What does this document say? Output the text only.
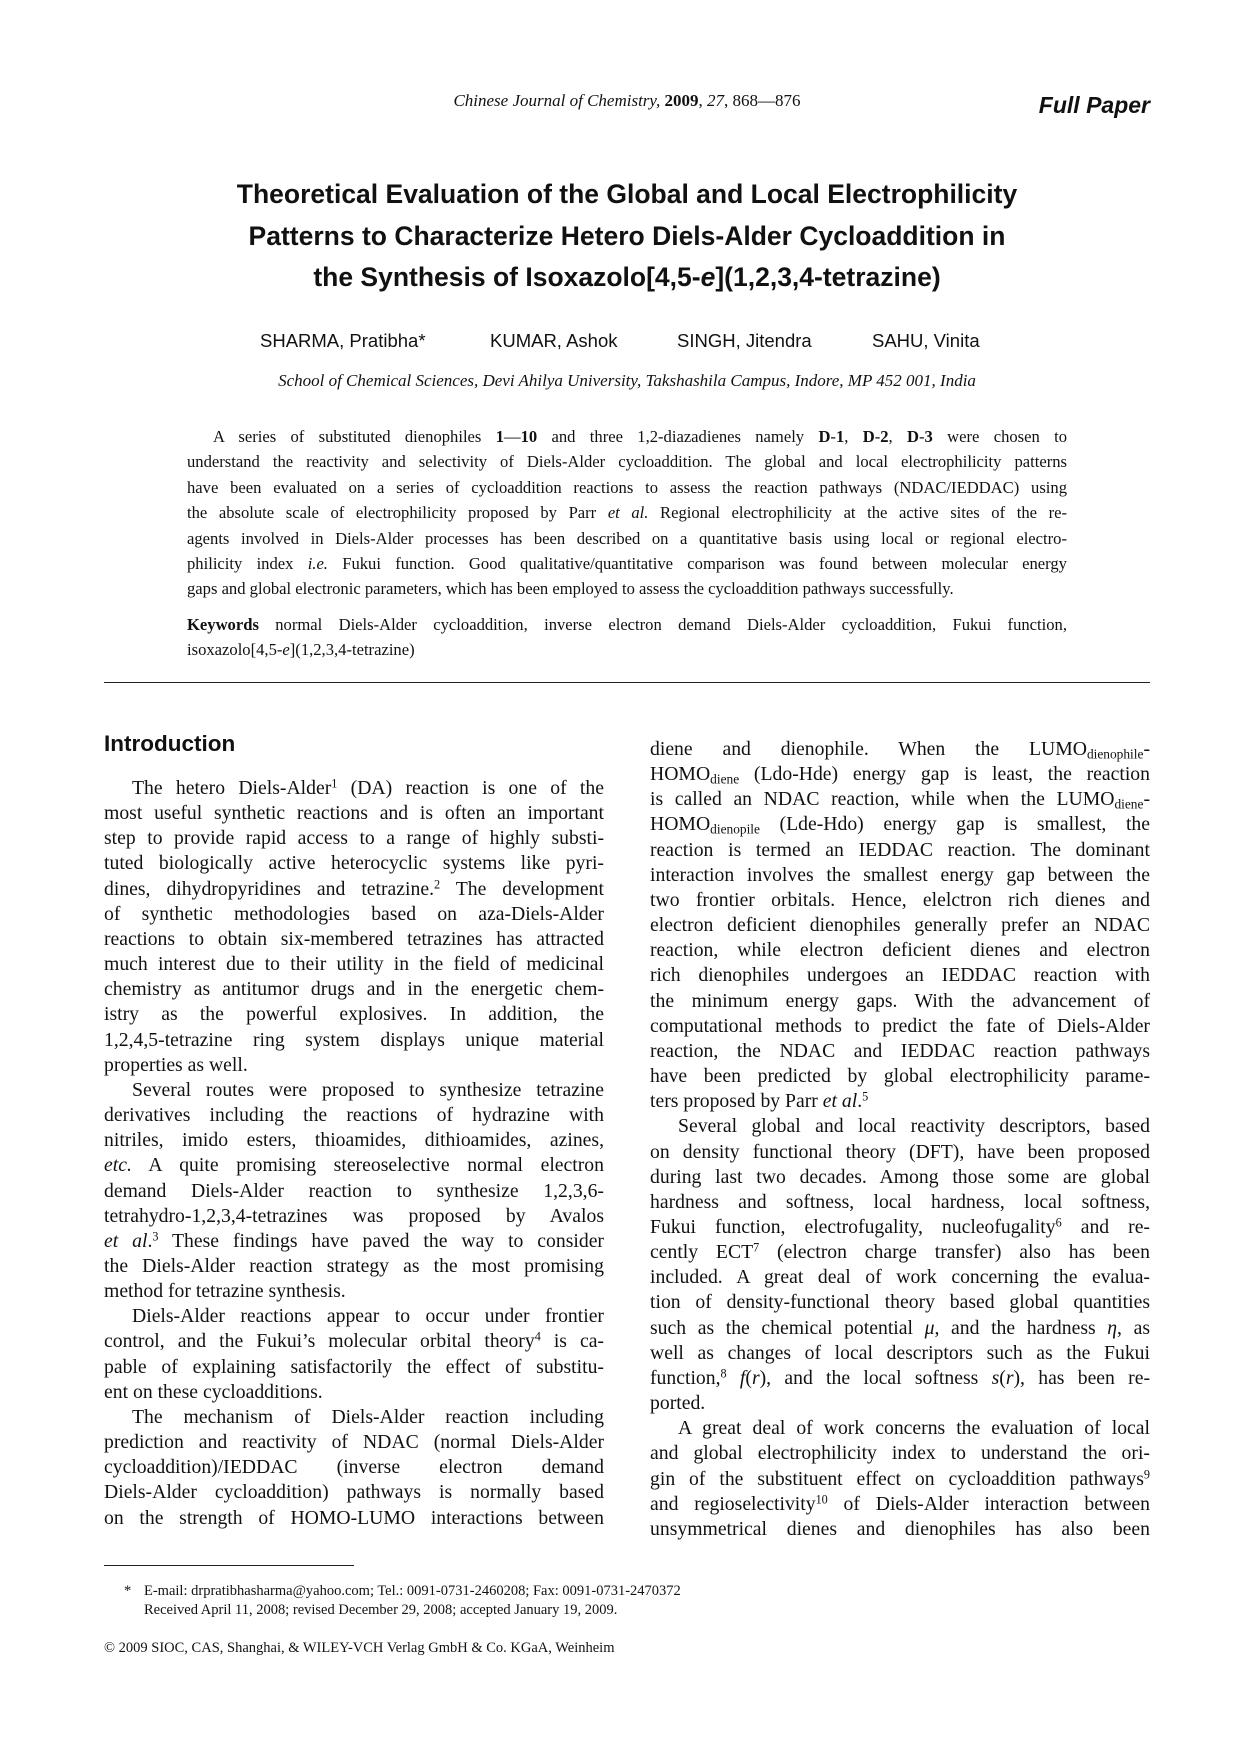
Chinese Journal of Chemistry, 2009, 27, 868—876	Full Paper
Theoretical Evaluation of the Global and Local Electrophilicity
Patterns to Characterize Hetero Diels-Alder Cycloaddition in
the Synthesis of Isoxazolo[4,5-e](1,2,3,4-tetrazine)
SHARMA, Pratibha*	KUMAR, Ashok	SINGH, Jitendra	SAHU, Vinita
School of Chemical Sciences, Devi Ahilya University, Takshashila Campus, Indore, MP 452 001, India
A series of substituted dienophiles 1—10 and three 1,2-diazadienes namely D-1, D-2, D-3 were chosen to
understand the reactivity and selectivity of Diels-Alder cycloaddition. The global and local electrophilicity patterns
have been evaluated on a series of cycloaddition reactions to assess the reaction pathways (NDAC/IEDDAC) using
the absolute scale of electrophilicity proposed by Parr et al. Regional electrophilicity at the active sites of the re-
agents involved in Diels-Alder processes has been described on a quantitative basis using local or regional electro-
philicity index i.e. Fukui function. Good qualitative/quantitative comparison was found between molecular energy
gaps and global electronic parameters, which has been employed to assess the cycloaddition pathways successfully.
Keywords normal Diels-Alder cycloaddition, inverse electron demand Diels-Alder cycloaddition, Fukui function,
isoxazolo[4,5-e](1,2,3,4-tetrazine)
Introduction
The hetero Diels-Alder$^1$ (DA) reaction is one of the
most useful synthetic reactions and is often an important
step to provide rapid access to a range of highly substi-
tuted biologically active heterocyclic systems like pyri-
dines, dihydropyridines and tetrazine.$^2$ The development
of synthetic methodologies based on aza-Diels-Alder
reactions to obtain six-membered tetrazines has attracted
much interest due to their utility in the field of medicinal
chemistry as antitumor drugs and in the energetic chem-
istry as the powerful explosives. In addition, the
1,2,4,5-tetrazine ring system displays unique material
properties as well.
Several routes were proposed to synthesize tetrazine
derivatives including the reactions of hydrazine with
nitriles, imido esters, thioamides, dithioamides, azines,
etc. A quite promising stereoselective normal electron
demand Diels-Alder reaction to synthesize 1,2,3,6-
tetrahydro-1,2,3,4-tetrazines was proposed by Avalos
et al.$^3$ These findings have paved the way to consider
the Diels-Alder reaction strategy as the most promising
method for tetrazine synthesis.
Diels-Alder reactions appear to occur under frontier
control, and the Fukui’s molecular orbital theory$^4$ is ca-
pable of explaining satisfactorily the effect of substitu-
ent on these cycloadditions.
The mechanism of Diels-Alder reaction including
prediction and reactivity of NDAC (normal Diels-Alder
cycloaddition)/IEDDAC (inverse electron demand
Diels-Alder cycloaddition) pathways is normally based
on the strength of HOMO-LUMO interactions between
diene and dienophile. When the $LUMO_{dienophile}-$
$HOMO_{diene}$ (Ldo-Hde) energy gap is least, the reaction
is called an NDAC reaction, while when the $LUMO_{diene}-$
$HOMO_{dienopile}$ (Lde-Hdo) energy gap is smallest, the
reaction is termed an IEDDAC reaction. The dominant
interaction involves the smallest energy gap between the
two frontier orbitals. Hence, elelctron rich dienes and
electron deficient dienophiles generally prefer an NDAC
reaction, while electron deficient dienes and electron
rich dienophiles undergoes an IEDDAC reaction with
the minimum energy gaps. With the advancement of
computational methods to predict the fate of Diels-Alder
reaction, the NDAC and IEDDAC reaction pathways
have been predicted by global electrophilicity parame-
ters proposed by Parr et al.$^5$
Several global and local reactivity descriptors, based
on density functional theory (DFT), have been proposed
during last two decades. Among those some are global
hardness and softness, local hardness, local softness,
Fukui function, electrofugality, nucleofugality$^6$ and re-
cently ECT$^7$ (electron charge transfer) also has been
included. A great deal of work concerning the evalua-
tion of density-functional theory based global quantities
such as the chemical potential μ, and the hardness η, as
well as changes of local descriptors such as the Fukui
function,$^8$ f(r), and the local softness s(r), has been re-
ported.
A great deal of work concerns the evaluation of local
and global electrophilicity index to understand the ori-
gin of the substituent effect on cycloaddition pathways$^9$
and regioselectivity$^{10}$ of Diels-Alder interaction between
unsymmetrical dienes and dienophiles has also been
* E-mail: drpratibhasharma@yahoo.com; Tel.: 0091-0731-2460208; Fax: 0091-0731-2470372
Received April 11, 2008; revised December 29, 2008; accepted January 19, 2009.
© 2009 SIOC, CAS, Shanghai, & WILEY-VCH Verlag GmbH & Co. KGaA, Weinheim
